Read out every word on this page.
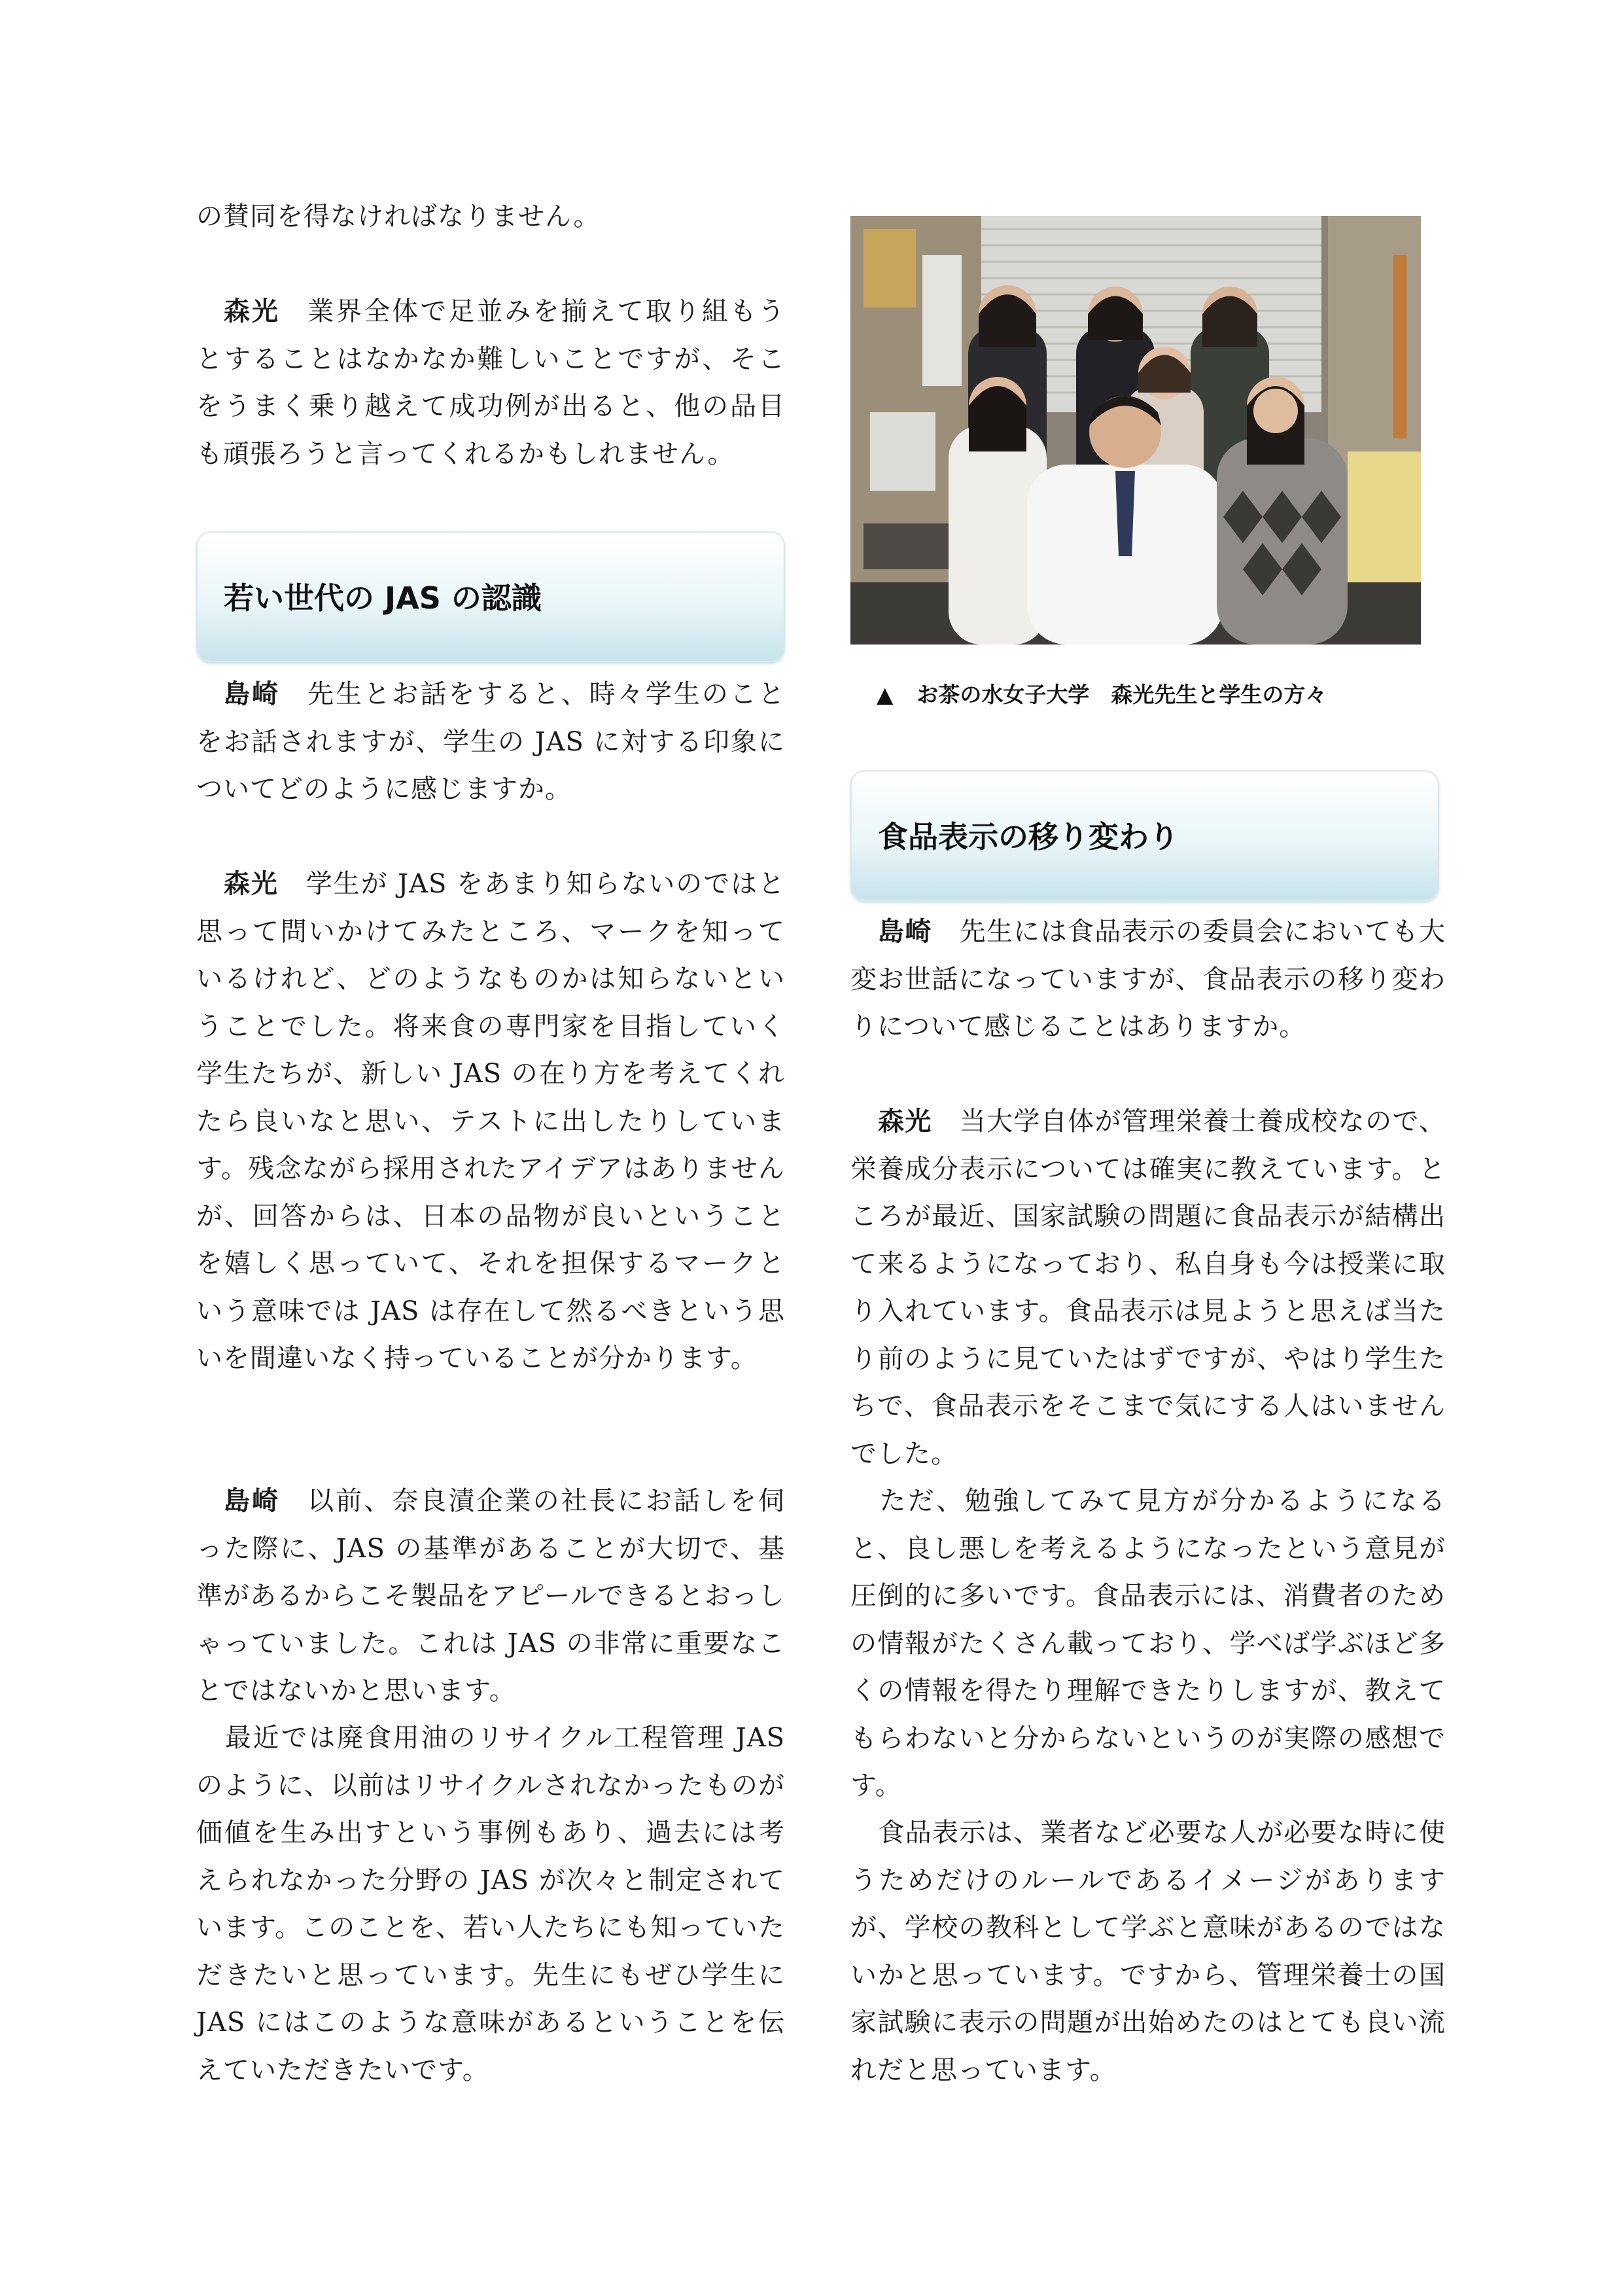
の賛同を得なければなりません。

森光 業界全体で足並みを揃えて取り組もうとすることはなかなか難しいことですが、そこをうまく乗り越えて成功例が出ると、他の品目も頑張ろうと言ってくれるかもしれません。

若い世代の JAS の認識

島崎 先生とお話をすると、時々学生のことをお話されますが、学生の JAS に対する印象についてどのように感じますか。

森光 学生が JAS をあまり知らないのではと思って問いかけてみたところ、マークを知っているけれど、どのようなものかは知らないということでした。将来食の専門家を目指していく学生たちが、新しい JAS の在り方を考えてくれたら良いなと思い、テストに出したりしています。残念ながら採用されたアイデアはありませんが、回答からは、日本の品物が良いということを嬉しく思っていて、それを担保するマークという意味では JAS は存在して然るべきという思いを間違いなく持っていることが分かります。

島崎 以前、奈良漬企業の社長にお話しを伺った際に、JAS の基準があることが大切で、基準があるからこそ製品をアピールできるとおっしゃっていました。これは JAS の非常に重要なことではないかと思います。

最近では廃食用油のリサイクル工程管理 JAS のように、以前はリサイクルされなかったものが価値を生み出すという事例もあり、過去には考えられなかった分野の JAS が次々と制定されています。このことを、若い人たちにも知っていただきたいと思っています。先生にもぜひ学生に JAS にはこのような意味があるということを伝えていただきたいです。

▲ お茶の水女子大学　森光先生と学生の方々
食品表示の移り変わり

島崎 先生には食品表示の委員会においても大変お世話になっていますが、食品表示の移り変わりについて感じることはありますか。

森光 当大学自体が管理栄養士養成校なので、栄養成分表示については確実に教えています。ところが最近、国家試験の問題に食品表示が結構出て来るようになっており、私自身も今は授業に取り入れています。食品表示は見ようと思えば当たり前のように見ていたはずですが、やはり学生たちで、食品表示をそこまで気にする人はいませんでした。

ただ、勉強してみて見方が分かるようになると、良し悪しを考えるようになったという意見が圧倒的に多いです。食品表示には、消費者のための情報がたくさん載っており、学べば学ぶほど多くの情報を得たり理解できたりしますが、教えてもらわないと分からないというのが実際の感想です。

食品表示は、業者など必要な人が必要な時に使うためだけのルールであるイメージがありますが、学校の教科として学ぶと意味があるのではないかと思っています。ですから、管理栄養士の国家試験に表示の問題が出始めたのはとても良い流れだと思っています。
